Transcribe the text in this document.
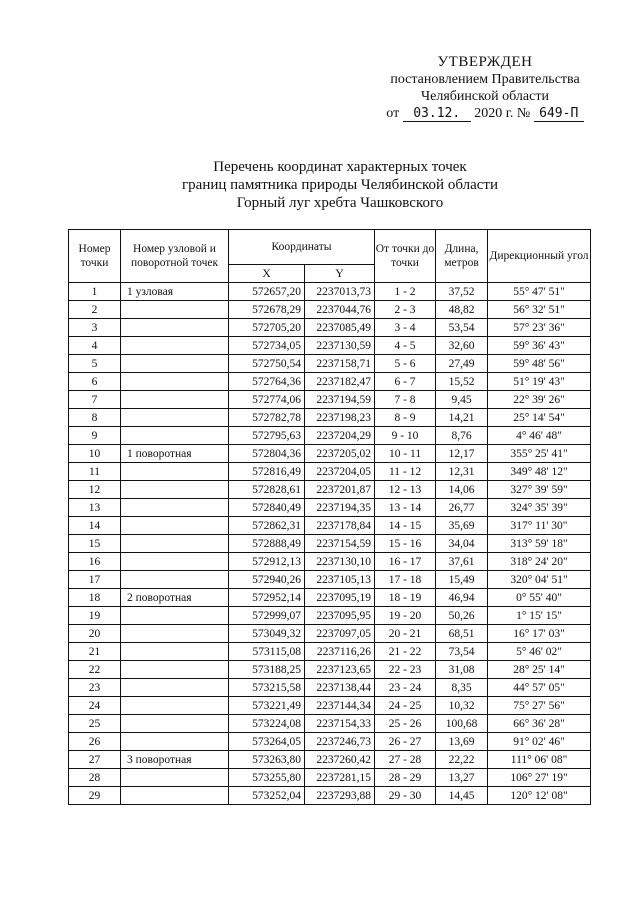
УТВЕРЖДЕН
постановлением Правительства
Челябинской области
от 03.12. 2020 г. № 649-П
Перечень координат характерных точек
границ памятника природы Челябинской области
Горный луг хребта Чашковского
Номер точки	Номер узловой и поворотной точек	Координаты		От точки до точки	Длина, метров	Дирекционный угол
		X	Y			
1	1 узловая	572657,20	2237013,73	1 - 2	37,52	55° 47' 51"
2		572678,29	2237044,76	2 - 3	48,82	56° 32' 51"
3		572705,20	2237085,49	3 - 4	53,54	57° 23' 36"
4		572734,05	2237130,59	4 - 5	32,60	59° 36' 43"
5		572750,54	2237158,71	5 - 6	27,49	59° 48' 56"
6		572764,36	2237182,47	6 - 7	15,52	51° 19' 43"
7		572774,06	2237194,59	7 - 8	9,45	22° 39' 26"
8		572782,78	2237198,23	8 - 9	14,21	25° 14' 54"
9		572795,63	2237204,29	9 - 10	8,76	4° 46' 48"
10	1 поворотная	572804,36	2237205,02	10 - 11	12,17	355° 25' 41"
11		572816,49	2237204,05	11 - 12	12,31	349° 48' 12"
12		572828,61	2237201,87	12 - 13	14,06	327° 39' 59"
13		572840,49	2237194,35	13 - 14	26,77	324° 35' 39"
14		572862,31	2237178,84	14 - 15	35,69	317° 11' 30"
15		572888,49	2237154,59	15 - 16	34,04	313° 59' 18"
16		572912,13	2237130,10	16 - 17	37,61	318° 24' 20"
17		572940,26	2237105,13	17 - 18	15,49	320° 04' 51"
18	2 поворотная	572952,14	2237095,19	18 - 19	46,94	0° 55' 40"
19		572999,07	2237095,95	19 - 20	50,26	1° 15' 15"
20		573049,32	2237097,05	20 - 21	68,51	16° 17' 03"
21		573115,08	2237116,26	21 - 22	73,54	5° 46' 02"
22		573188,25	2237123,65	22 - 23	31,08	28° 25' 14"
23		573215,58	2237138,44	23 - 24	8,35	44° 57' 05"
24		573221,49	2237144,34	24 - 25	10,32	75° 27' 56"
25		573224,08	2237154,33	25 - 26	100,68	66° 36' 28"
26		573264,05	2237246,73	26 - 27	13,69	91° 02' 46"
27	3 поворотная	573263,80	2237260,42	27 - 28	22,22	111° 06' 08"
28		573255,80	2237281,15	28 - 29	13,27	106° 27' 19"
29		573252,04	2237293,88	29 - 30	14,45	120° 12' 08"
